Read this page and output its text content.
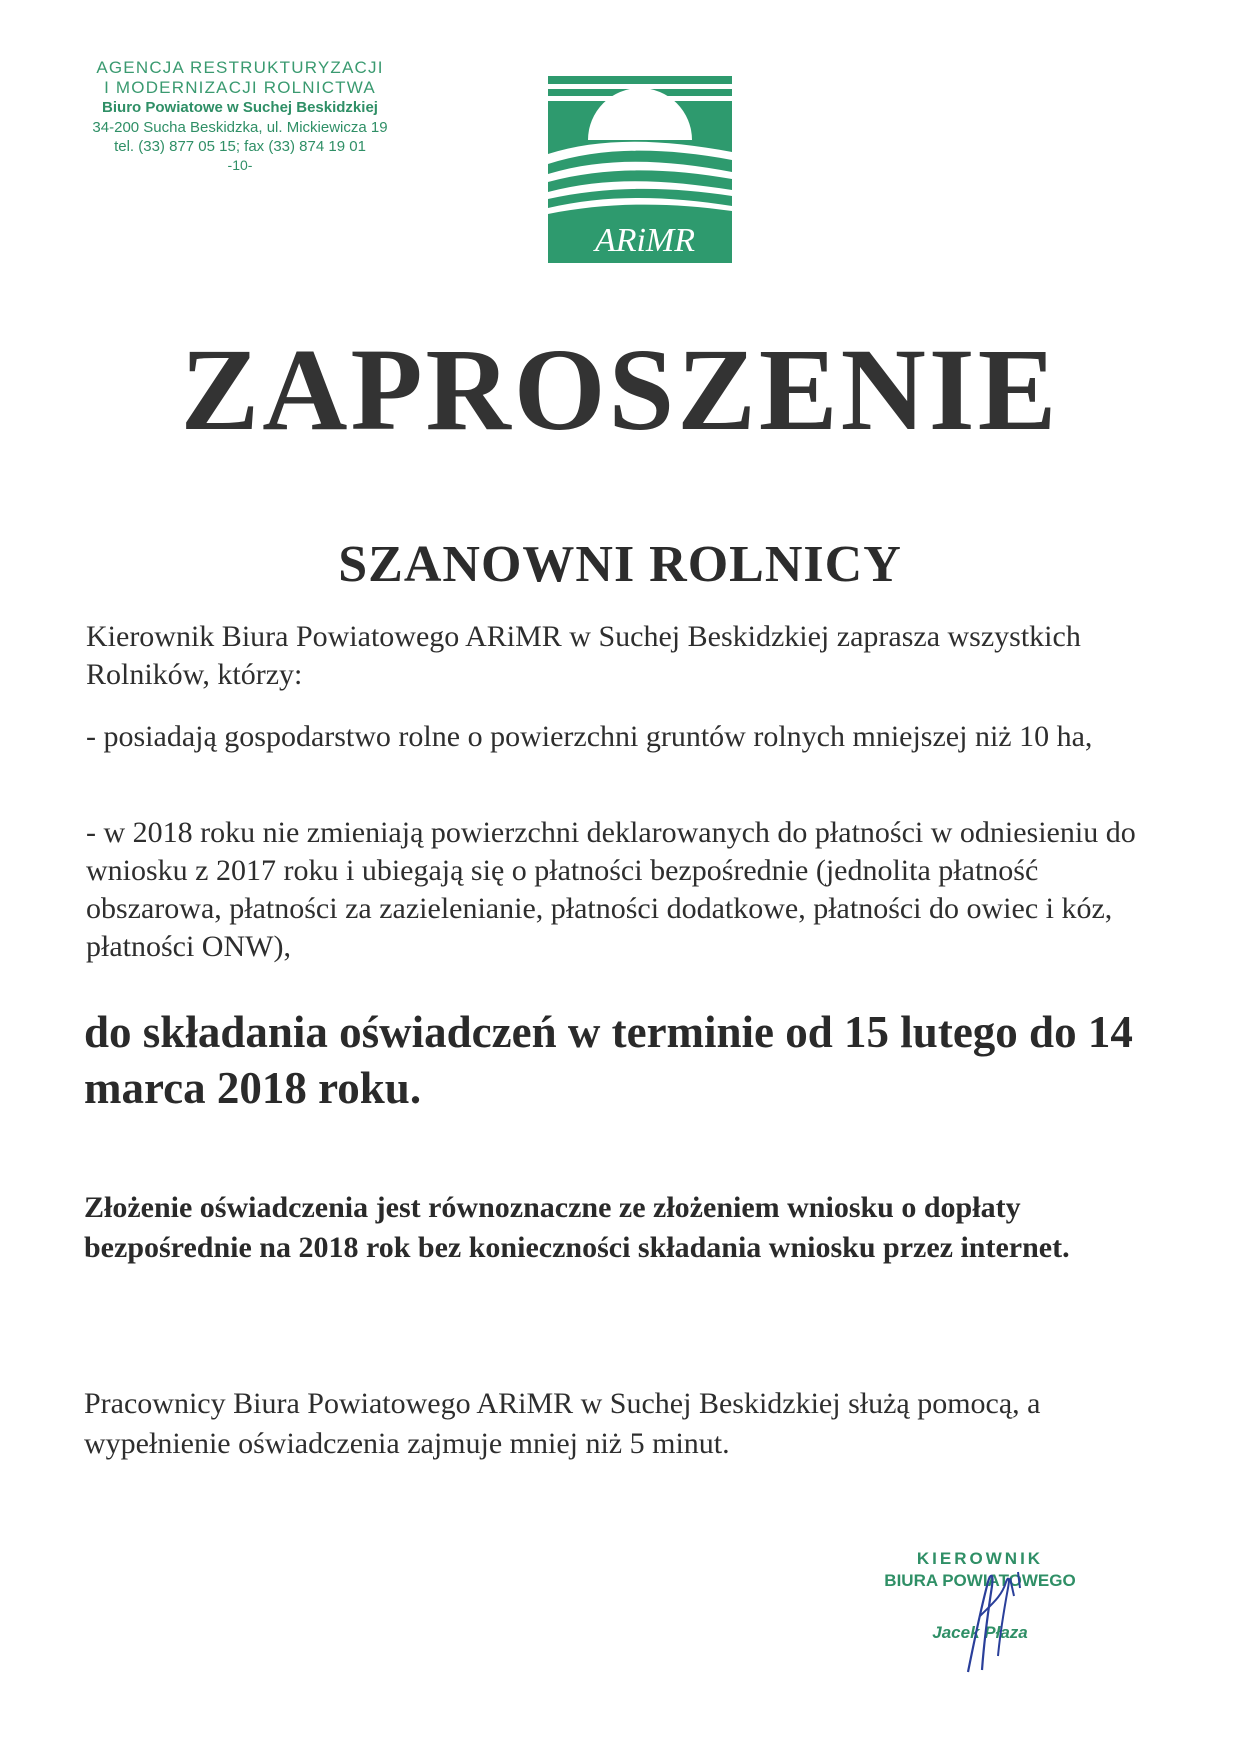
AGENCJA RESTRUKTURYZACJI
I MODERNIZACJI ROLNICTWA
Biuro Powiatowe w Suchej Beskidzkiej
34-200 Sucha Beskidzka, ul. Mickiewicza 19
tel. (33) 877 05 15; fax (33) 874 19 01
-10-
ARiMR
ZAPROSZENIE
SZANOWNI ROLNICY
Kierownik Biura Powiatowego ARiMR w Suchej Beskidzkiej zaprasza wszystkich Rolników, którzy:
- posiadają gospodarstwo rolne o powierzchni gruntów rolnych mniejszej niż 10 ha,
- w 2018 roku nie zmieniają powierzchni deklarowanych do płatności w odniesieniu do wniosku z 2017 roku i ubiegają się o płatności bezpośrednie (jednolita płatność obszarowa, płatności za zazielenianie, płatności dodatkowe, płatności do owiec i kóz, płatności ONW),
do składania oświadczeń w terminie od 15 lutego do 14 marca 2018 roku.
Złożenie oświadczenia jest równoznaczne ze złożeniem wniosku o dopłaty bezpośrednie na 2018 rok bez konieczności składania wniosku przez internet.
Pracownicy Biura Powiatowego ARiMR w Suchej Beskidzkiej służą pomocą, a wypełnienie oświadczenia zajmuje mniej niż 5 minut.
KIEROWNIK
BIURA POWIATOWEGO
Jacek Płaza
